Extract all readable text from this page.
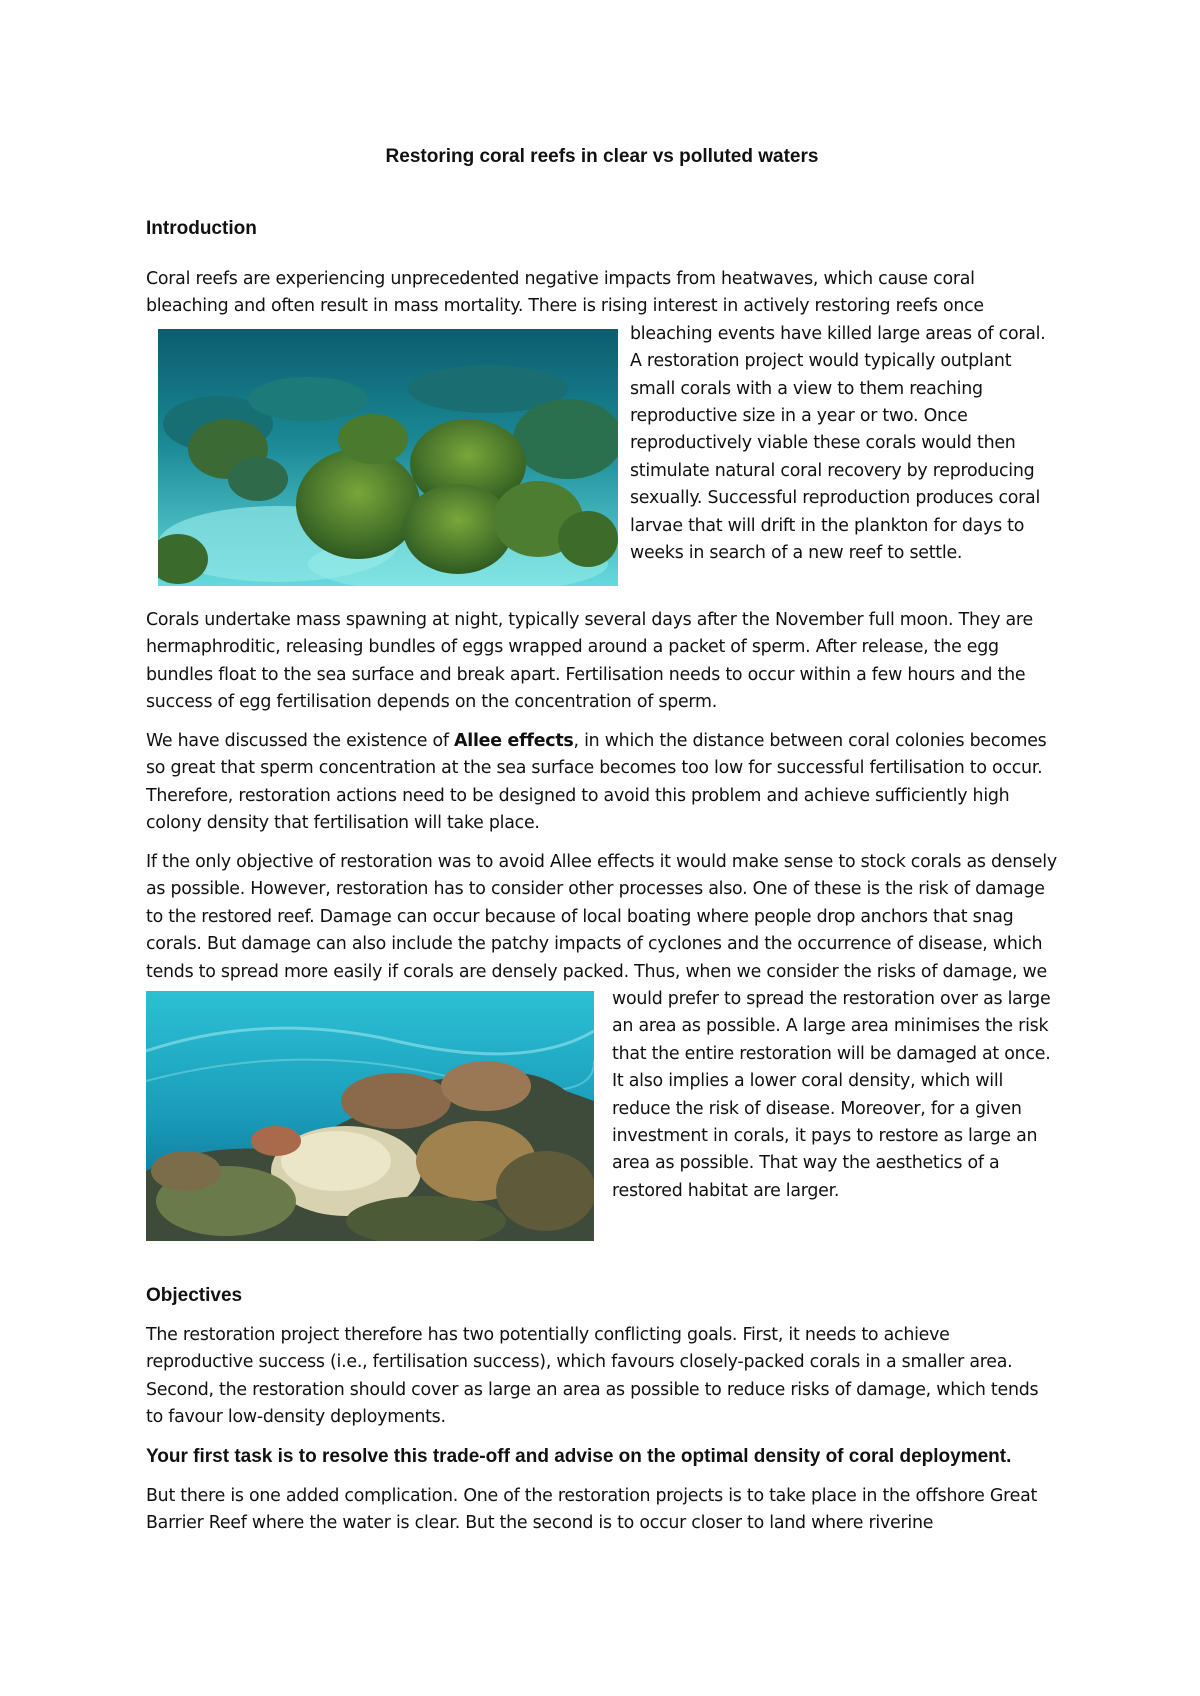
Restoring coral reefs in clear vs polluted waters
Introduction

Coral reefs are experiencing unprecedented negative impacts from heatwaves, which cause coral bleaching and often result in mass mortality. There is rising interest in actively restoring reefs once bleaching events have killed large areas of coral. A restoration project would typically outplant small corals with a view to them reaching reproductive size in a year or two. Once reproductively viable these corals would then stimulate natural coral recovery by reproducing sexually. Successful reproduction produces coral larvae that will drift in the plankton for days to weeks in search of a new reef to settle.

Corals undertake mass spawning at night, typically several days after the November full moon. They are hermaphroditic, releasing bundles of eggs wrapped around a packet of sperm. After release, the egg bundles float to the sea surface and break apart. Fertilisation needs to occur within a few hours and the success of egg fertilisation depends on the concentration of sperm.

We have discussed the existence of Allee effects, in which the distance between coral colonies becomes so great that sperm concentration at the sea surface becomes too low for successful fertilisation to occur. Therefore, restoration actions need to be designed to avoid this problem and achieve sufficiently high colony density that fertilisation will take place.

If the only objective of restoration was to avoid Allee effects it would make sense to stock corals as densely as possible. However, restoration has to consider other processes also. One of these is the risk of damage to the restored reef. Damage can occur because of local boating where people drop anchors that snag corals. But damage can also include the patchy impacts of cyclones and the occurrence of disease, which tends to spread more easily if corals are densely packed. Thus, when we consider the risks of damage, we would prefer to spread the restoration over as large an area as possible. A large area minimises the risk that the entire restoration will be damaged at once. It also implies a lower coral density, which will reduce the risk of disease. Moreover, for a given investment in corals, it pays to restore as large an area as possible. That way the aesthetics of a restored habitat are larger.

Objectives

The restoration project therefore has two potentially conflicting goals. First, it needs to achieve reproductive success (i.e., fertilisation success), which favours closely-packed corals in a smaller area. Second, the restoration should cover as large an area as possible to reduce risks of damage, which tends to favour low-density deployments.

Your first task is to resolve this trade-off and advise on the optimal density of coral deployment.

But there is one added complication. One of the restoration projects is to take place in the offshore Great Barrier Reef where the water is clear. But the second is to occur closer to land where riverine
